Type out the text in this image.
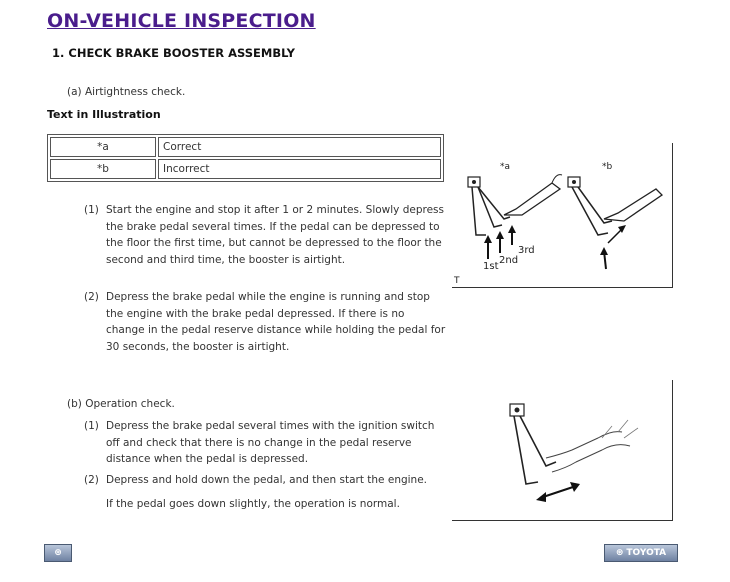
ON-VEHICLE INSPECTION
1. CHECK BRAKE BOOSTER ASSEMBLY
(a) Airtightness check.
Text in Illustration
*a	Correct
*b	Incorrect
(1) Start the engine and stop it after 1 or 2 minutes. Slowly depress the brake pedal several times. If the pedal can be depressed to the floor the first time, but cannot be depressed to the floor the second and third time, the booster is airtight.
(2) Depress the brake pedal while the engine is running and stop the engine with the brake pedal depressed. If there is no change in the pedal reserve distance while holding the pedal for 30 seconds, the booster is airtight.
*a	*b
1st
2nd
3rd
T
(b) Operation check.
(1) Depress the brake pedal several times with the ignition switch off and check that there is no change in the pedal reserve distance when the pedal is depressed.
(2) Depress and hold down the pedal, and then start the engine.
If the pedal goes down slightly, the operation is normal.
⊛	⊛ TOYOTA
